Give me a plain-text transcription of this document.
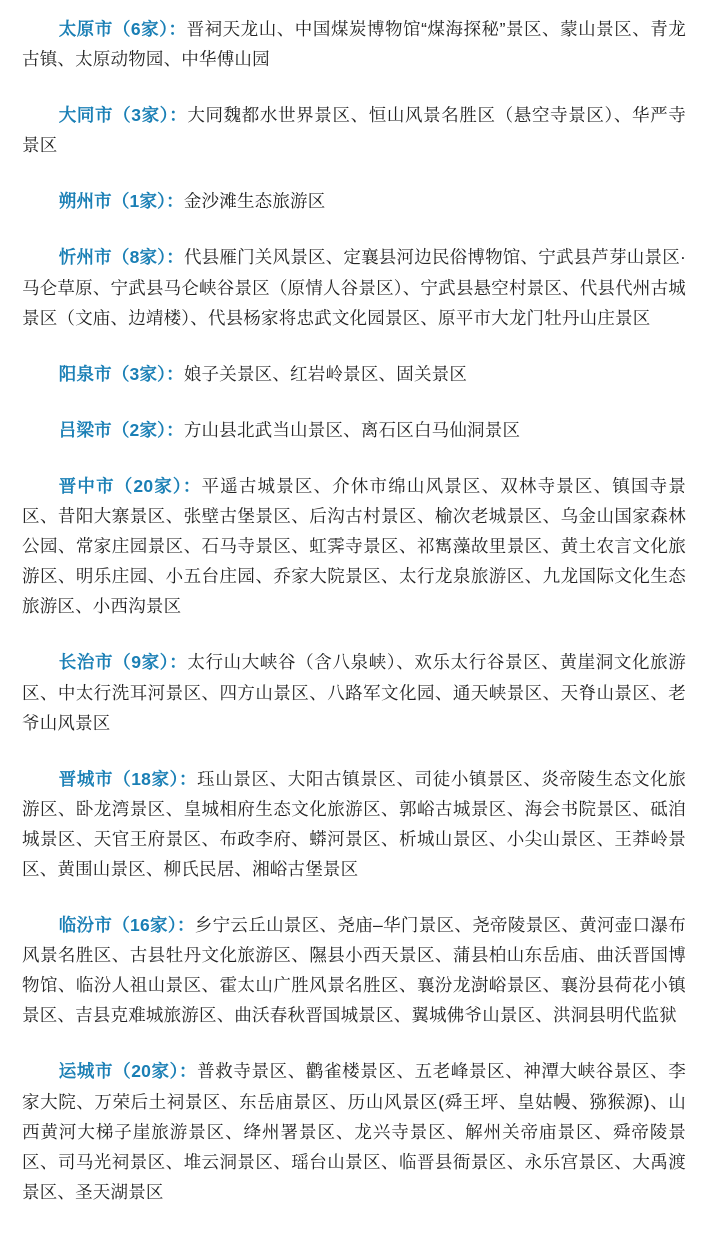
太原市（6家）：晋祠天龙山、中国煤炭博物馆“煤海探秘”景区、蒙山景区、青龙古镇、太原动物园、中华傅山园

大同市（3家）：大同魏都水世界景区、恒山风景名胜区（悬空寺景区）、华严寺景区

朔州市（1家）：金沙滩生态旅游区

忻州市（8家）：代县雁门关风景区、定襄县河边民俗博物馆、宁武县芦芽山景区·马仑草原、宁武县马仑峡谷景区（原情人谷景区）、宁武县悬空村景区、代县代州古城景区（文庙、边靖楼）、代县杨家将忠武文化园景区、原平市大龙门牡丹山庄景区

阳泉市（3家）：娘子关景区、红岩岭景区、固关景区

吕梁市（2家）：方山县北武当山景区、离石区白马仙洞景区

晋中市（20家）：平遥古城景区、介休市绵山风景区、双林寺景区、镇国寺景区、昔阳大寨景区、张壁古堡景区、后沟古村景区、榆次老城景区、乌金山国家森林公园、常家庄园景区、石马寺景区、虹霁寺景区、祁寯藻故里景区、黄土农言文化旅游区、明乐庄园、小五台庄园、乔家大院景区、太行龙泉旅游区、九龙国际文化生态旅游区、小西沟景区

长治市（9家）：太行山大峡谷（含八泉峡）、欢乐太行谷景区、黄崖洞文化旅游区、中太行洗耳河景区、四方山景区、八路军文化园、通天峡景区、天脊山景区、老爷山风景区

晋城市（18家）：珏山景区、大阳古镇景区、司徒小镇景区、炎帝陵生态文化旅游区、卧龙湾景区、皇城相府生态文化旅游区、郭峪古城景区、海会书院景区、砥洎城景区、天官王府景区、布政李府、蟒河景区、析城山景区、小尖山景区、王莽岭景区、黄围山景区、柳氏民居、湘峪古堡景区

临汾市（16家）：乡宁云丘山景区、尧庙–华门景区、尧帝陵景区、黄河壶口瀑布风景名胜区、古县牡丹文化旅游区、隰县小西天景区、蒲县柏山东岳庙、曲沃晋国博物馆、临汾人祖山景区、霍太山广胜风景名胜区、襄汾龙澍峪景区、襄汾县荷花小镇景区、吉县克难城旅游区、曲沃春秋晋国城景区、翼城佛爷山景区、洪洞县明代监狱

运城市（20家）：普救寺景区、鹳雀楼景区、五老峰景区、神潭大峡谷景区、李家大院、万荣后土祠景区、东岳庙景区、历山风景区(舜王坪、皇姑幔、猕猴源)、山西黄河大梯子崖旅游景区、绛州署景区、龙兴寺景区、解州关帝庙景区、舜帝陵景区、司马光祠景区、堆云洞景区、瑶台山景区、临晋县衙景区、永乐宫景区、大禹渡景区、圣天湖景区
